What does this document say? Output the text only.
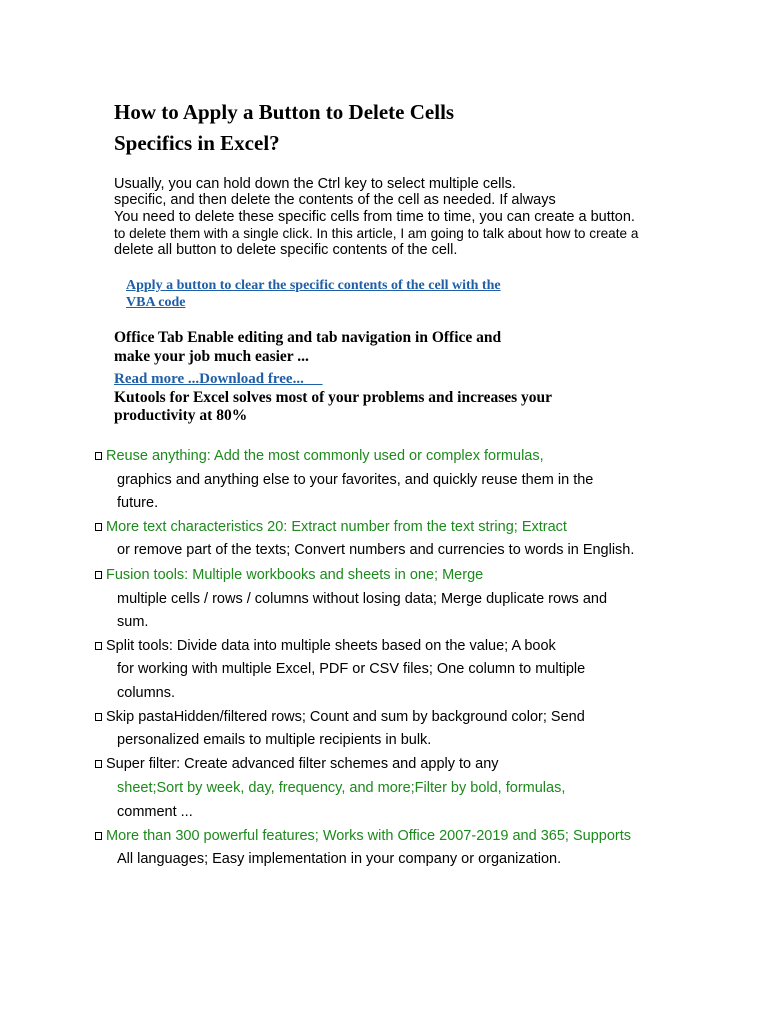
How to Apply a Button to Delete Cells
Specifics in Excel?
Usually, you can hold down the Ctrl key to select multiple cells.
specific, and then delete the contents of the cell as needed. If always
You need to delete these specific cells from time to time, you can create a button.
to delete them with a single click. In this article, I am going to talk about how to create a
delete all button to delete specific contents of the cell.
Apply a button to clear the specific contents of the cell with the
VBA code
Office Tab Enable editing and tab navigation in Office and
make your job much easier ...
Read more ...Download free...
Kutools for Excel solves most of your problems and increases your
productivity at 80%
Reuse anything: Add the most commonly used or complex formulas,
graphics and anything else to your favorites, and quickly reuse them in the
future.
More text characteristics 20: Extract number from the text string; Extract
or remove part of the texts; Convert numbers and currencies to words in English.
Fusion tools: Multiple workbooks and sheets in one; Merge
multiple cells / rows / columns without losing data; Merge duplicate rows and
sum.
Split tools: Divide data into multiple sheets based on the value; A book
for working with multiple Excel, PDF or CSV files; One column to multiple
columns.
Skip pastaHidden/filtered rows; Count and sum by background color; Send
personalized emails to multiple recipients in bulk.
Super filter: Create advanced filter schemes and apply to any
sheet;Sort by week, day, frequency, and more;Filter by bold, formulas,
comment ...
More than 300 powerful features; Works with Office 2007-2019 and 365; Supports
All languages; Easy implementation in your company or organization.
